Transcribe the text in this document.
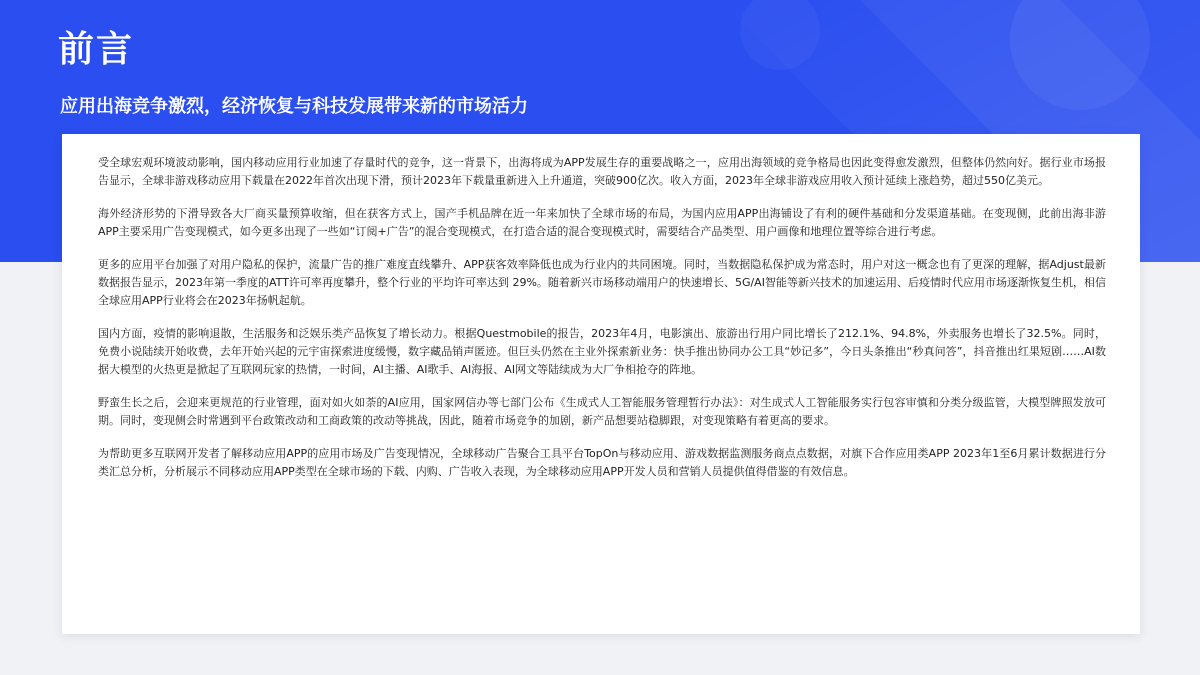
前言
应用出海竞争激烈，经济恢复与科技发展带来新的市场活力

受全球宏观环境波动影响，国内移动应用行业加速了存量时代的竞争，这一背景下，出海将成为APP发展生存的重要战略之一，应用出海领域的竞争格局也因此变得愈发激烈，但整体仍然向好。据行业市场报告显示，全球非游戏移动应用下载量在2022年首次出现下滑，预计2023年下载量重新进入上升通道，突破900亿次。收入方面，2023年全球非游戏应用收入预计延续上涨趋势，超过550亿美元。

海外经济形势的下滑导致各大厂商买量预算收缩，但在获客方式上，国产手机品牌在近一年来加快了全球市场的布局，为国内应用APP出海铺设了有利的硬件基础和分发渠道基础。在变现侧，此前出海非游APP主要采用广告变现模式，如今更多出现了一些如“订阅+广告”的混合变现模式，在打造合适的混合变现模式时，需要结合产品类型、用户画像和地理位置等综合进行考虑。

更多的应用平台加强了对用户隐私的保护，流量广告的推广难度直线攀升、APP获客效率降低也成为行业内的共同困境。同时，当数据隐私保护成为常态时，用户对这一概念也有了更深的理解，据Adjust最新数据报告显示，2023年第一季度的ATT许可率再度攀升，整个行业的平均许可率达到 29%。随着新兴市场移动端用户的快速增长、5G/AI智能等新兴技术的加速运用、后疫情时代应用市场逐渐恢复生机，相信全球应用APP行业将会在2023年扬帆起航。

国内方面，疫情的影响退散，生活服务和泛娱乐类产品恢复了增长动力。根据Questmobile的报告，2023年4月，电影演出、旅游出行用户同比增长了212.1%、94.8%，外卖服务也增长了32.5%。同时，免费小说陆续开始收费，去年开始兴起的元宇宙探索进度缓慢，数字藏品销声匿迹。但巨头仍然在主业外探索新业务：快手推出协同办公工具“妙记多”，今日头条推出“秒真问答”，抖音推出红果短剧……AI数据大模型的火热更是掀起了互联网玩家的热情，一时间，AI主播、AI歌手、AI海报、AI网文等陆续成为大厂争相抢夺的阵地。

野蛮生长之后，会迎来更规范的行业管理，面对如火如荼的AI应用，国家网信办等七部门公布《生成式人工智能服务管理暂行办法》：对生成式人工智能服务实行包容审慎和分类分级监管，大模型牌照发放可期。同时，变现侧会时常遇到平台政策改动和工商政策的改动等挑战，因此，随着市场竞争的加剧，新产品想要站稳脚跟，对变现策略有着更高的要求。

为帮助更多互联网开发者了解移动应用APP的应用市场及广告变现情况，全球移动广告聚合工具平台TopOn与移动应用、游戏数据监测服务商点点数据，对旗下合作应用类APP 2023年1至6月累计数据进行分类汇总分析，分析展示不同移动应用APP类型在全球市场的下载、内购、广告收入表现，为全球移动应用APP开发人员和营销人员提供值得借鉴的有效信息。
